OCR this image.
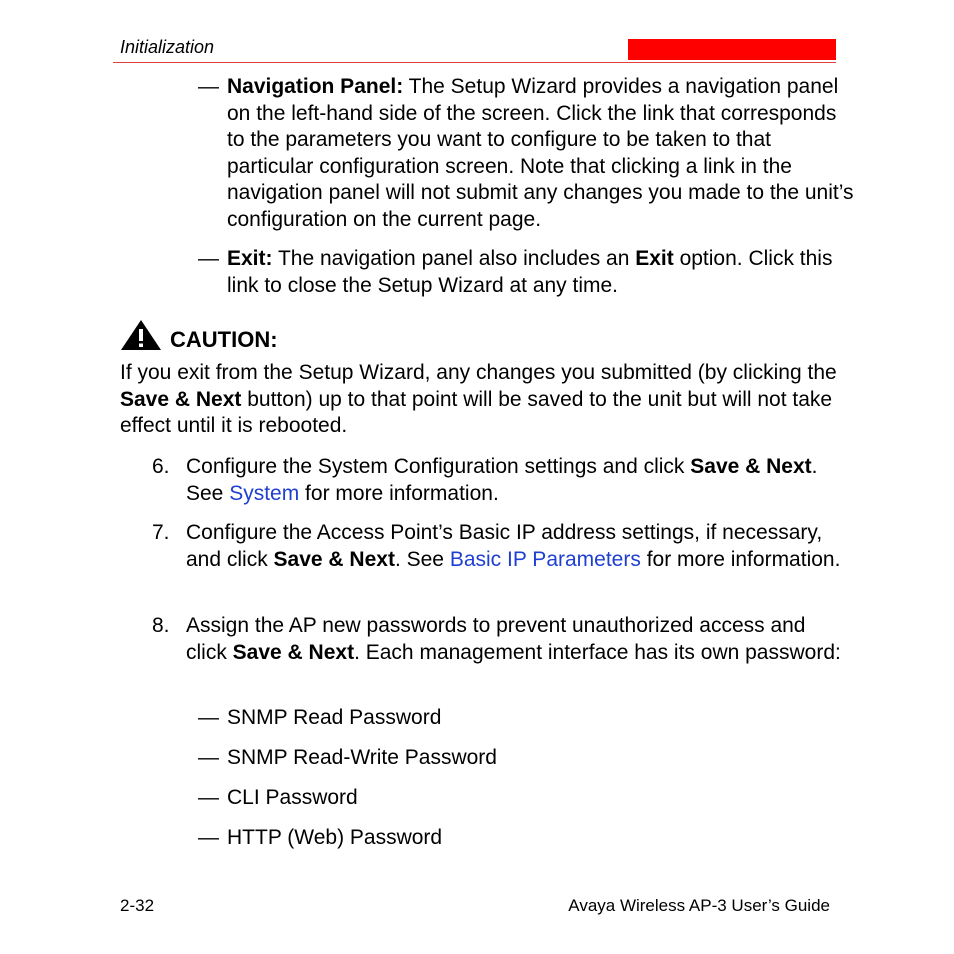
Initialization
— Navigation Panel: The Setup Wizard provides a navigation panel on the left-hand side of the screen. Click the link that corresponds to the parameters you want to configure to be taken to that particular configuration screen. Note that clicking a link in the navigation panel will not submit any changes you made to the unit’s configuration on the current page.
— Exit: The navigation panel also includes an Exit option. Click this link to close the Setup Wizard at any time.
CAUTION:
If you exit from the Setup Wizard, any changes you submitted (by clicking the Save & Next button) up to that point will be saved to the unit but will not take effect until it is rebooted.
6. Configure the System Configuration settings and click Save & Next. See System for more information.
7. Configure the Access Point’s Basic IP address settings, if necessary, and click Save & Next. See Basic IP Parameters for more information.
8. Assign the AP new passwords to prevent unauthorized access and click Save & Next. Each management interface has its own password:
— SNMP Read Password
— SNMP Read-Write Password
— CLI Password
— HTTP (Web) Password
2-32	Avaya Wireless AP-3 User’s Guide
